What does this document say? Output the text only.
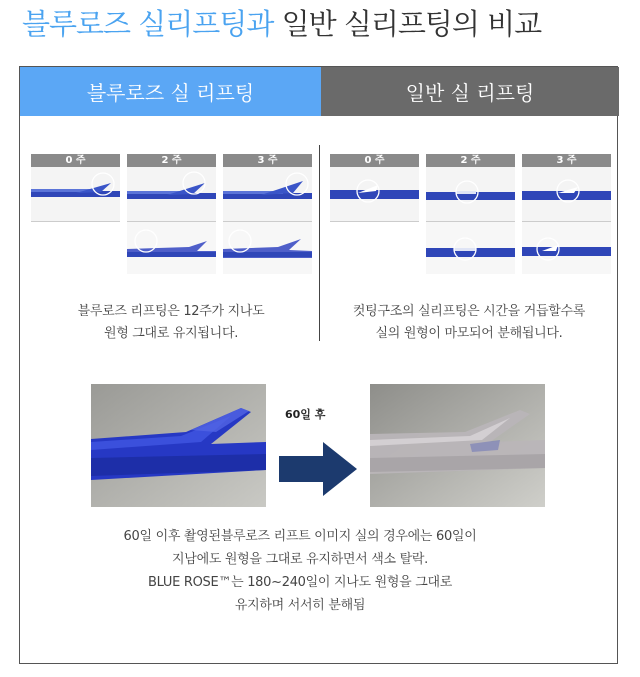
블루로즈 실리프팅과 일반 실리프팅의 비교
블루로즈 실 리프팅	일반 실 리프팅
0 주	2 주	3 주	0 주	2 주	3 주
블루로즈 리프팅은 12주가 지나도
원형 그대로 유지됩니다.
컷팅구조의 실리프팅은 시간을 거듭할수록
실의 원형이 마모되어 분해됩니다.
60일 후
60일 이후 촬영된블루로즈 리프트 이미지 실의 경우에는 60일이
지남에도 원형을 그대로 유지하면서 색소 탈락.
BLUE ROSE™는 180~240일이 지나도 원형을 그대로
유지하며 서서히 분해됨
